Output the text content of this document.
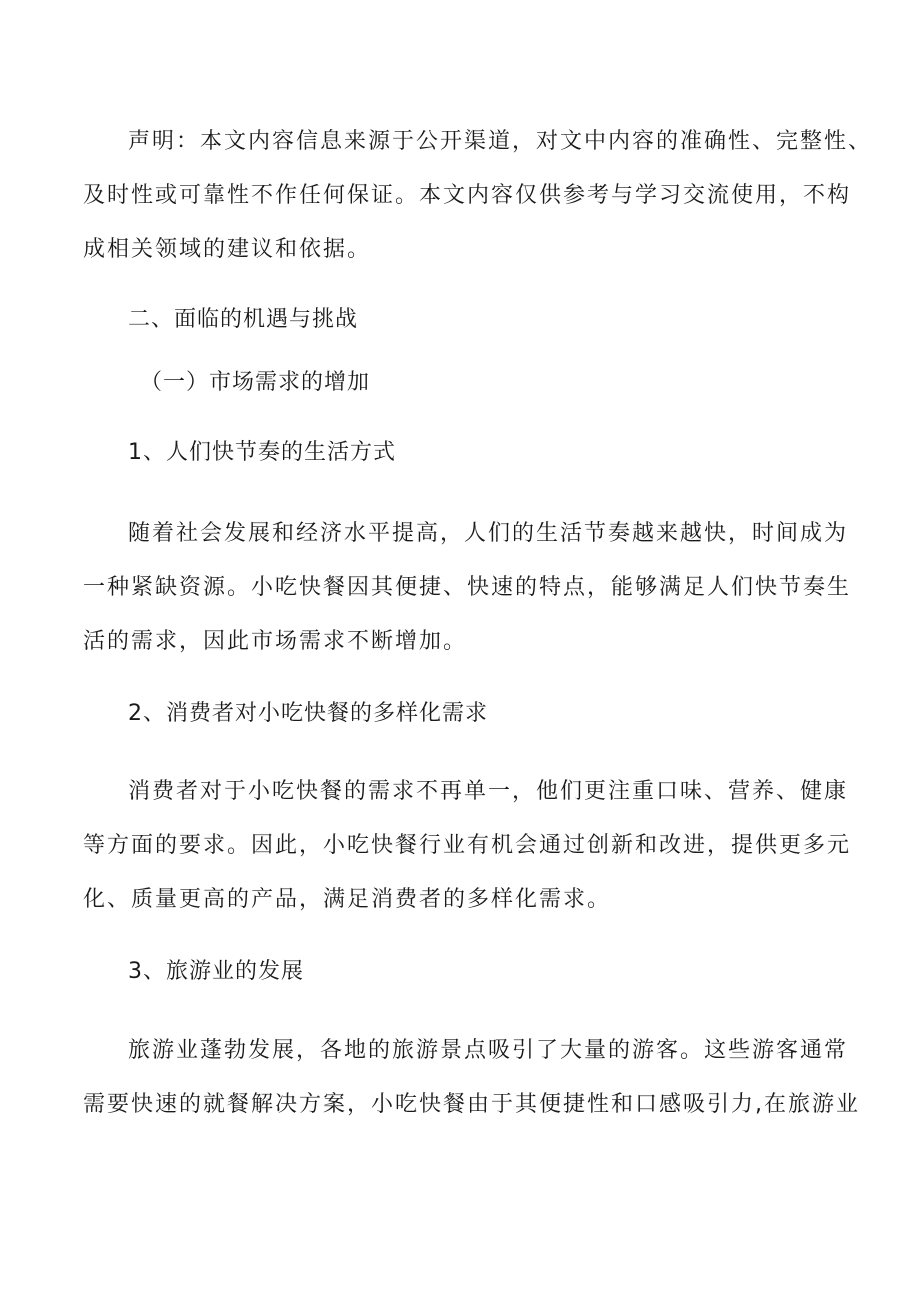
声明：本文内容信息来源于公开渠道，对文中内容的准确性、完整性、
及时性或可靠性不作任何保证。本文内容仅供参考与学习交流使用，不构
成相关领域的建议和依据。
二、面临的机遇与挑战
（一）市场需求的增加
1、人们快节奏的生活方式
随着社会发展和经济水平提高，人们的生活节奏越来越快，时间成为
一种紧缺资源。小吃快餐因其便捷、快速的特点，能够满足人们快节奏生
活的需求，因此市场需求不断增加。
2、消费者对小吃快餐的多样化需求
消费者对于小吃快餐的需求不再单一，他们更注重口味、营养、健康
等方面的要求。因此，小吃快餐行业有机会通过创新和改进，提供更多元
化、质量更高的产品，满足消费者的多样化需求。
3、旅游业的发展
旅游业蓬勃发展，各地的旅游景点吸引了大量的游客。这些游客通常
需要快速的就餐解决方案，小吃快餐由于其便捷性和口感吸引力,在旅游业
